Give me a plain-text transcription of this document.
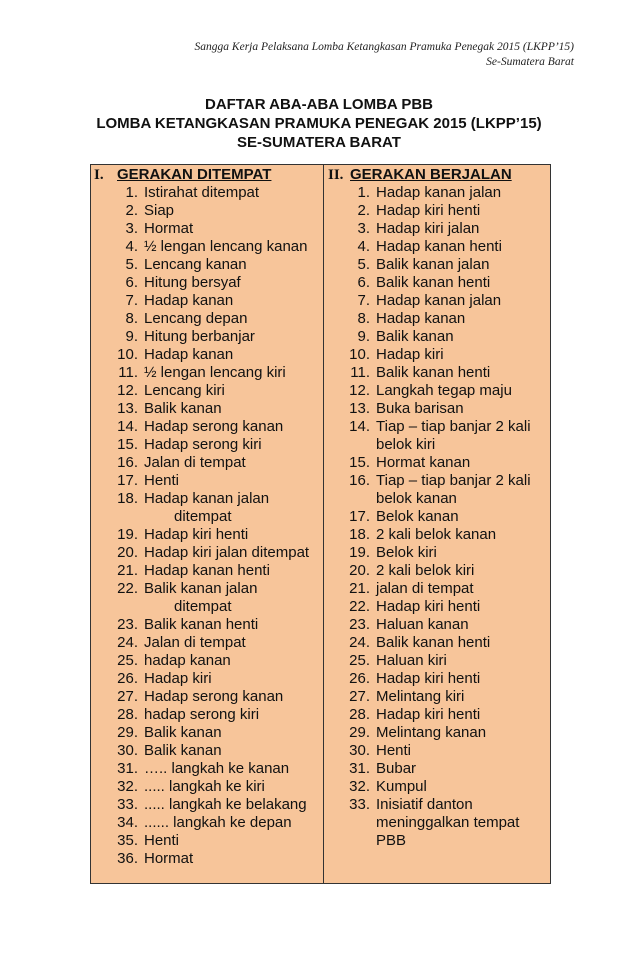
Sangga Kerja Pelaksana Lomba Ketangkasan Pramuka Penegak 2015 (LKPP’15)
Se-Sumatera Barat
DAFTAR ABA-ABA LOMBA PBB
LOMBA KETANGKASAN PRAMUKA PENEGAK 2015 (LKPP’15)
SE-SUMATERA BARAT
I. GERAKAN DITEMPAT
1. Istirahat ditempat
2. Siap
3. Hormat
4. ½ lengan lencang kanan
5. Lencang kanan
6. Hitung bersyaf
7. Hadap kanan
8. Lencang depan
9. Hitung berbanjar
10. Hadap kanan
11. ½ lengan lencang kiri
12. Lencang kiri
13. Balik kanan
14. Hadap serong kanan
15. Hadap serong kiri
16. Jalan di tempat
17. Henti
18. Hadap kanan jalan
ditempat
19. Hadap kiri henti
20. Hadap kiri jalan ditempat
21. Hadap kanan henti
22. Balik kanan jalan
ditempat
23. Balik kanan henti
24. Jalan di tempat
25. hadap kanan
26. Hadap kiri
27. Hadap serong kanan
28. hadap serong kiri
29. Balik kanan
30. Balik kanan
31. ….. langkah ke kanan
32. ..... langkah ke kiri
33. ..... langkah ke belakang
34. ...... langkah ke depan
35. Henti
36. Hormat
II. GERAKAN BERJALAN
1. Hadap kanan jalan
2. Hadap kiri henti
3. Hadap kiri jalan
4. Hadap kanan henti
5. Balik kanan jalan
6. Balik kanan henti
7. Hadap kanan jalan
8. Hadap kanan
9. Balik kanan
10. Hadap kiri
11. Balik kanan henti
12. Langkah tegap maju
13. Buka barisan
14. Tiap – tiap banjar 2 kali
belok kiri
15. Hormat kanan
16. Tiap – tiap banjar 2 kali
belok kanan
17. Belok kanan
18. 2 kali belok kanan
19. Belok kiri
20. 2 kali belok kiri
21. jalan di tempat
22. Hadap kiri henti
23. Haluan kanan
24. Balik kanan henti
25. Haluan kiri
26. Hadap kiri henti
27. Melintang kiri
28. Hadap kiri henti
29. Melintang kanan
30. Henti
31. Bubar
32. Kumpul
33. Inisiatif danton
meninggalkan tempat
PBB
